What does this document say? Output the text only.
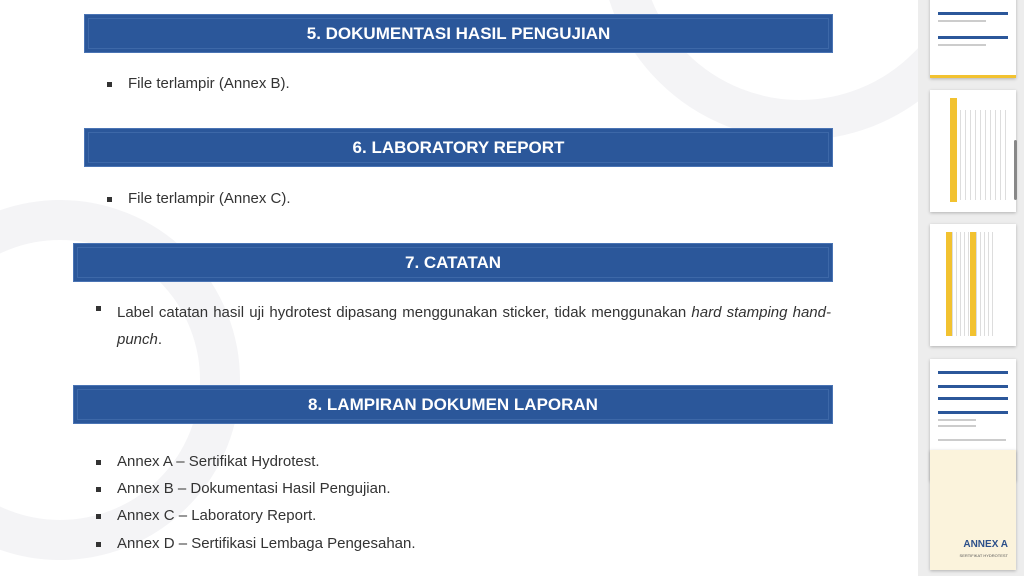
5. DOKUMENTASI HASIL PENGUJIAN
File terlampir (Annex B).
6. LABORATORY REPORT
File terlampir (Annex C).
7. CATATAN
Label catatan hasil uji hydrotest dipasang menggunakan sticker, tidak menggunakan hard stamping hand-punch.
8. LAMPIRAN DOKUMEN LAPORAN
Annex A – Sertifikat Hydrotest.
Annex B – Dokumentasi Hasil Pengujian.
Annex C – Laboratory Report.
Annex D – Sertifikasi Lembaga Pengesahan.	ANNEX A
SERTIFIKAT HYDROTEST
